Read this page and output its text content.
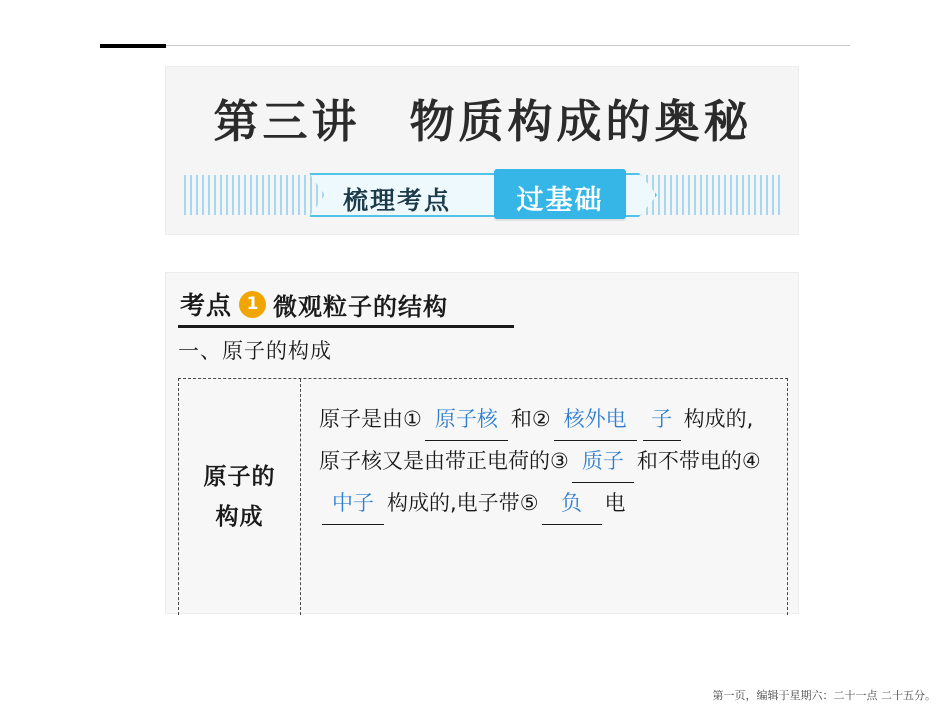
第三讲　物质构成的奥秘
梳理考点	过基础
考点 1 微观粒子的结构
一、原子的构成
原子的
构成
原子是由① 原子核 和② 核外电 子 构成的,原子核又是由带正电荷的③ 质子 和不带电的④中子 构成的,电子带⑤ 负 电
第一页，编辑于星期六：二十一点 二十五分。
